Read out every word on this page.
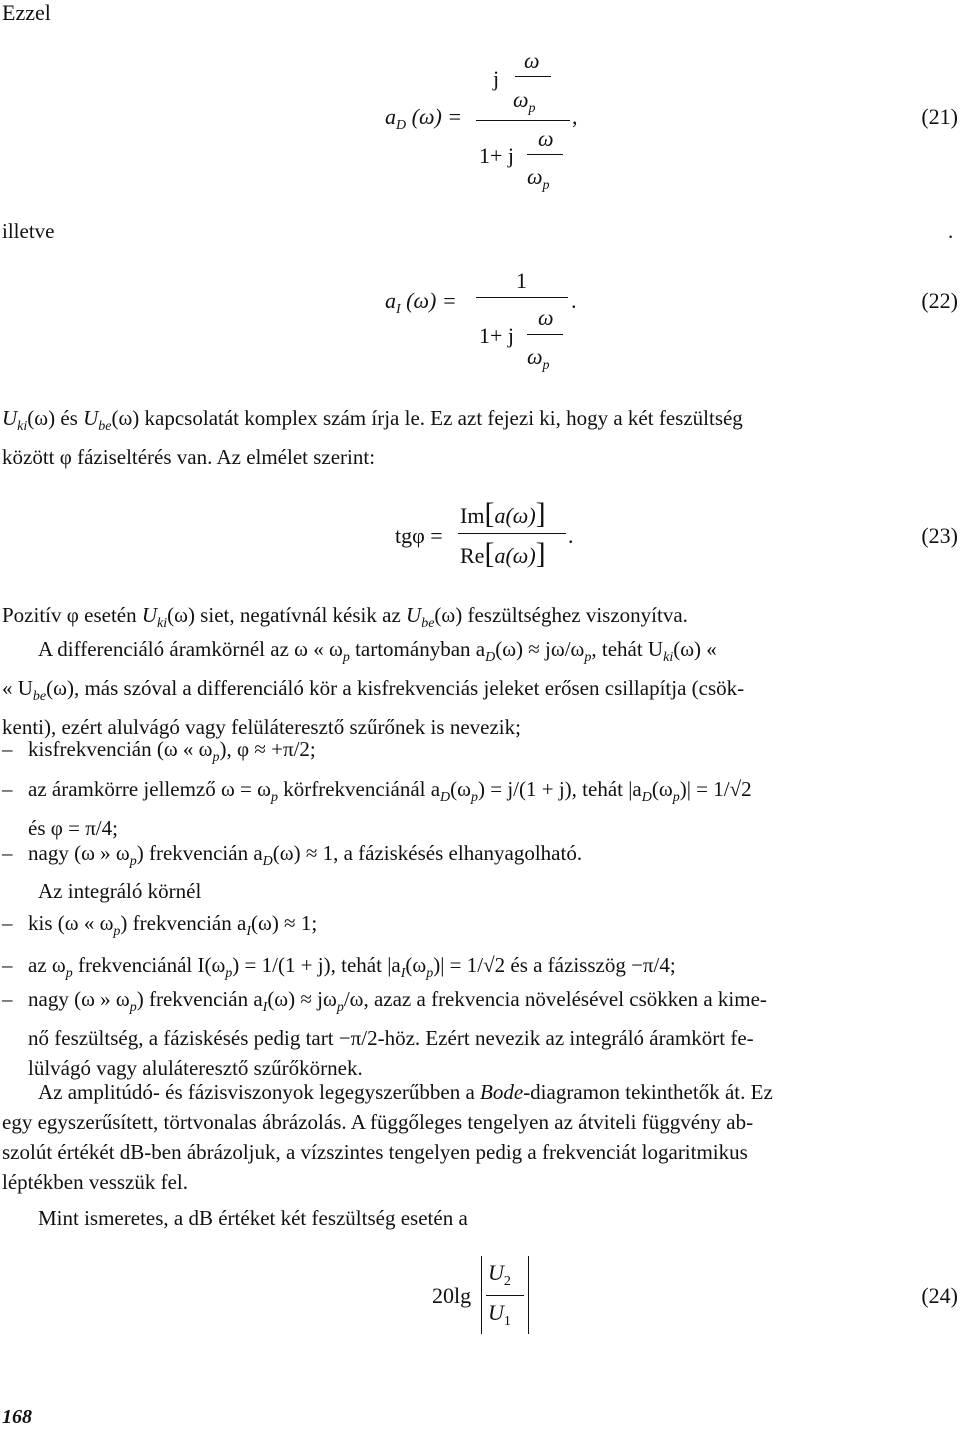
Ezzel
$a_D$ (ω) =
j
ω
$\omega_p$
1+ j
ω
$\omega_p$
,	(21)
illetve	.
$a_I$ (ω) =
1
1+ j
ω
$\omega_p$
.	(22)
$U_{ki}(\omega)$ és $U_{be}(\omega)$ kapcsolatát komplex szám írja le. Ez azt fejezi ki, hogy a két feszültség
között φ fáziseltérés van. Az elmélet szerint:
tgφ =
Im[a(ω)]
Re[a(ω)]
.	(23)
Pozitív φ esetén $U_{ki}(\omega)$ siet, negatívnál késik az $U_{be}(\omega)$ feszültséghez viszonyítva.
A differenciáló áramkörnél az ω « $\omega_p$ tartományban $a_D(\omega) \approx j\omega/\omega_p$, tehát $U_{ki}(\omega)$ «
« $U_{be}(\omega)$, más szóval a differenciáló kör a kisfrekvenciás jeleket erősen csillapítja (csök-
kenti), ezért alulvágó vagy felüláteresztő szűrőnek is nevezik;
– kisfrekvencián (ω « $\omega_p$), φ ≈ +π/2;
– az áramkörre jellemző $\omega = \omega_p$ körfrekvenciánál $a_D(\omega_p) = j/(1 + j)$, tehát $|a_D(\omega_p)| = 1/√2$
és φ = π/4;
– nagy (ω » $\omega_p$) frekvencián $a_D(\omega) \approx 1$, a fáziskésés elhanyagolható.
Az integráló körnél
– kis (ω « $\omega_p$) frekvencián $a_I(\omega) \approx 1$;
– az $\omega_p$ frekvenciánál $I(\omega_p) = 1/(1 + j)$, tehát $|a_I(\omega_p)| = 1/√2$ és a fázisszög −π/4;
– nagy (ω » $\omega_p$) frekvencián $a_I(\omega) \approx j\omega_p/\omega$, azaz a frekvencia növelésével csökken a kime-
nő feszültség, a fáziskésés pedig tart −π/2-höz. Ezért nevezik az integráló áramkört fe-
lülvágó vagy aluláteresztő szűrőkörnek.
Az amplitúdó- és fázisviszonyok legegyszerűbben a Bode-diagramon tekinthetők át. Ez
egy egyszerűsített, törtvonalas ábrázolás. A függőleges tengelyen az átviteli függvény ab-
szolút értékét dB-ben ábrázoljuk, a vízszintes tengelyen pedig a frekvenciát logaritmikus
léptékben vesszük fel.
Mint ismeretes, a dB értéket két feszültség esetén a
20lg
$U_2$
$U_1$
(24)
168
